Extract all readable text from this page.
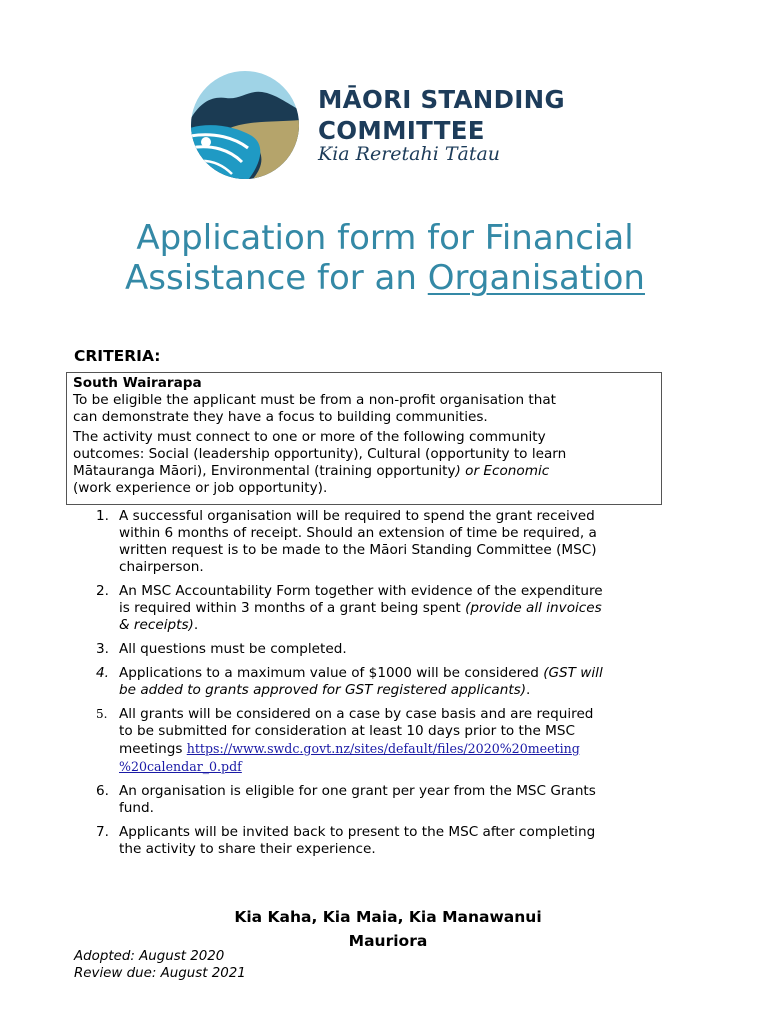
MĀORI STANDING
COMMITTEE
Kia Reretahi Tātau
Application form for Financial
Assistance for an Organisation
CRITERIA:

South Wairarapa

To be eligible the applicant must be from a non-profit organisation that

can demonstrate they have a focus to building communities.

The activity must connect to one or more of the following community

outcomes: Social (leadership opportunity), Cultural (opportunity to learn

Mātauranga Māori), Environmental (training opportunity) or Economic

(work experience or job opportunity).

1. A successful organisation will be required to spend the grant received
within 6 months of receipt. Should an extension of time be required, a
written request is to be made to the Māori Standing Committee (MSC)
chairperson.
2. An MSC Accountability Form together with evidence of the expenditure
is required within 3 months of a grant being spent (provide all invoices
& receipts).
3. All questions must be completed.
4. Applications to a maximum value of $1000 will be considered (GST will
be added to grants approved for GST registered applicants).
5. All grants will be considered on a case by case basis and are required
to be submitted for consideration at least 10 days prior to the MSC
meetings https://www.swdc.govt.nz/sites/default/files/2020%20meeting
%20calendar_0.pdf
6. An organisation is eligible for one grant per year from the MSC Grants
fund.
7. Applicants will be invited back to present to the MSC after completing
the activity to share their experience.
Kia Kaha, Kia Maia, Kia Manawanui
Mauriora
Adopted: August 2020
Review due: August 2021
